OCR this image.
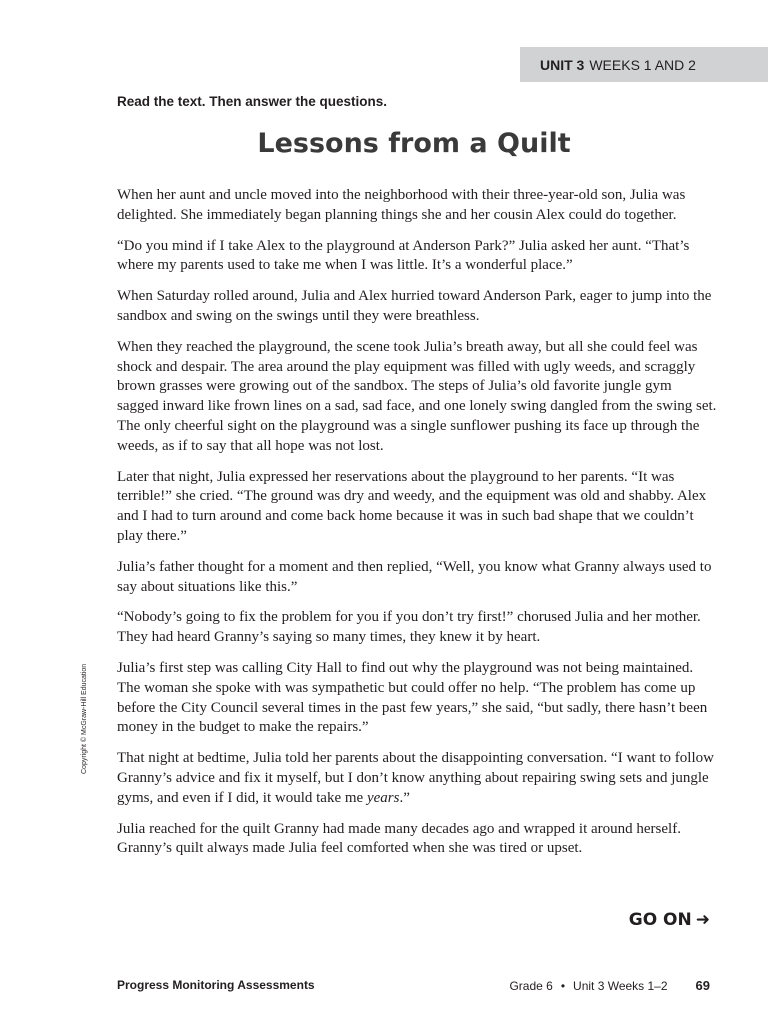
UNIT 3 WEEKS 1 AND 2
Read the text. Then answer the questions.
Lessons from a Quilt

When her aunt and uncle moved into the neighborhood with their three-year-old son, Julia was delighted. She immediately began planning things she and her cousin Alex could do together.

“Do you mind if I take Alex to the playground at Anderson Park?” Julia asked her aunt. “That’s where my parents used to take me when I was little. It’s a wonderful place.”

When Saturday rolled around, Julia and Alex hurried toward Anderson Park, eager to jump into the sandbox and swing on the swings until they were breathless.

When they reached the playground, the scene took Julia’s breath away, but all she could feel was shock and despair. The area around the play equipment was filled with ugly weeds, and scraggly brown grasses were growing out of the sandbox. The steps of Julia’s old favorite jungle gym sagged inward like frown lines on a sad, sad face, and one lonely swing dangled from the swing set. The only cheerful sight on the playground was a single sunflower pushing its face up through the weeds, as if to say that all hope was not lost.

Later that night, Julia expressed her reservations about the playground to her parents. “It was terrible!” she cried. “The ground was dry and weedy, and the equipment was old and shabby. Alex and I had to turn around and come back home because it was in such bad shape that we couldn’t play there.”

Julia’s father thought for a moment and then replied, “Well, you know what Granny always used to say about situations like this.”

“Nobody’s going to fix the problem for you if you don’t try first!” chorused Julia and her mother. They had heard Granny’s saying so many times, they knew it by heart.

Julia’s first step was calling City Hall to find out why the playground was not being maintained. The woman she spoke with was sympathetic but could offer no help. “The problem has come up before the City Council several times in the past few years,” she said, “but sadly, there hasn’t been money in the budget to make the repairs.”

That night at bedtime, Julia told her parents about the disappointing conversation. “I want to follow Granny’s advice and fix it myself, but I don’t know anything about repairing swing sets and jungle gyms, and even if I did, it would take me years.”

Julia reached for the quilt Granny had made many decades ago and wrapped it around herself. Granny’s quilt always made Julia feel comforted when she was tired or upset.

Copyright © McGraw-Hill Education
GO ON ➜
Progress Monitoring Assessments	Grade 6 • Unit 3 Weeks 1–2 69
